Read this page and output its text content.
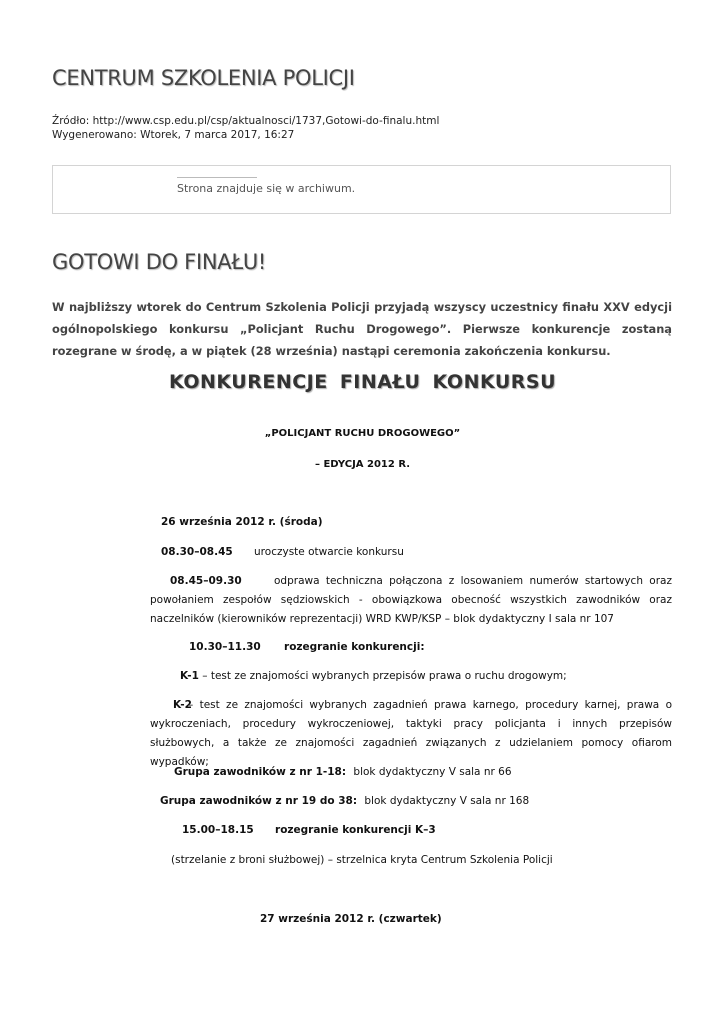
CENTRUM SZKOLENIA POLICJI
Źródło: http://www.csp.edu.pl/csp/aktualnosci/1737,Gotowi-do-finalu.html
Wygenerowano: Wtorek, 7 marca 2017, 16:27
Strona znajduje się w archiwum.
GOTOWI DO FINAŁU!

W najbliższy wtorek do Centrum Szkolenia Policji przyjadą wszyscy uczestnicy finału XXV edycji ogólnopolskiego konkursu „Policjant Ruchu Drogowego”. Pierwsze konkurencje zostaną rozegrane w środę, a w piątek (28 września) nastąpi ceremonia zakończenia konkursu.

KONKURENCJE FINAŁU KONKURSU
„POLICJANT RUCHU DROGOWEGO”
– EDYCJA 2012 R.
26 września 2012 r. (środa)
08.30–08.45 uroczyste otwarcie konkursu
08.45–09.30	odprawa techniczna połączona z losowaniem numerów startowych oraz powołaniem zespołów sędziowskich - obowiązkowa obecność wszystkich zawodników oraz naczelników (kierowników reprezentacji) WRD KWP/KSP – blok dydaktyczny I sala nr 107

10.30–11.30 rozegranie konkurencji:
K-1 – test ze znajomości wybranych przepisów prawa o ruchu drogowym;
K-2

– test ze znajomości wybranych zagadnień prawa karnego, procedury karnej, prawa o wykroczeniach, procedury wykroczeniowej, taktyki pracy policjanta i innych przepisów służbowych, a także ze znajomości zagadnień związanych z udzielaniem pomocy ofiarom wypadków;

Grupa zawodników z nr 1-18: blok dydaktyczny V sala nr 66
Grupa zawodników z nr 19 do 38: blok dydaktyczny V sala nr 168
15.00–18.15 rozegranie konkurencji K–3
(strzelanie z broni służbowej) – strzelnica kryta Centrum Szkolenia Policji
27 września 2012 r. (czwartek)
